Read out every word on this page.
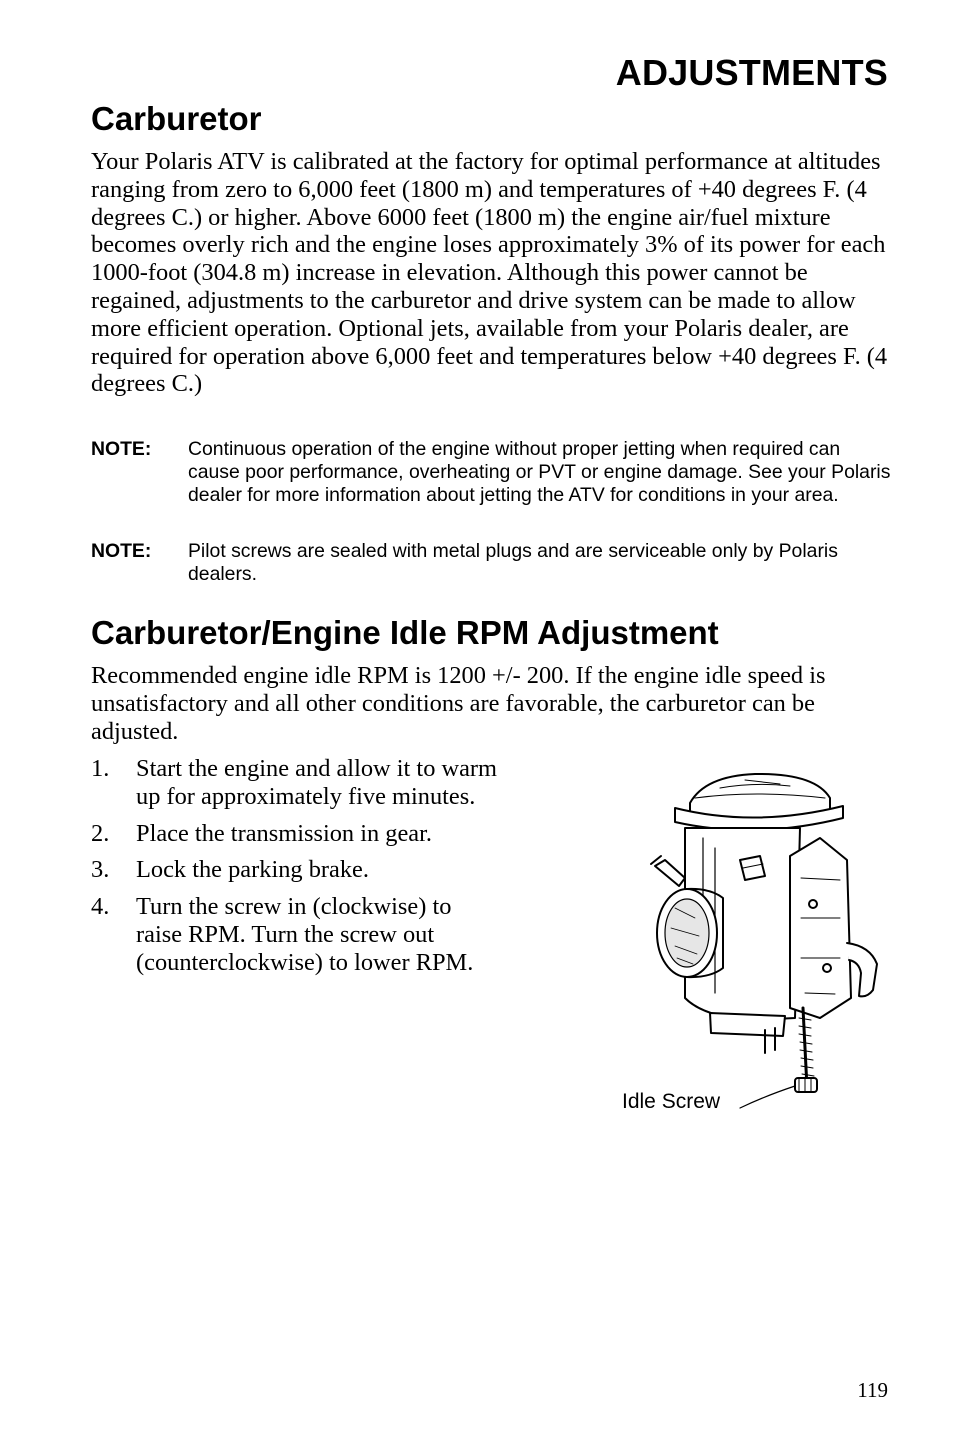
ADJUSTMENTS
Carburetor

Your Polaris ATV is calibrated at the factory for optimal performance at altitudes ranging from zero to 6,000 feet (1800 m) and temperatures of +40 degrees F. (4 degrees C.) or higher. Above 6000 feet (1800 m) the engine air/fuel mixture becomes overly rich and the engine loses approximately 3% of its power for each 1000-foot (304.8 m) increase in elevation. Although this power cannot be regained, adjustments to the carburetor and drive system can be made to allow more efficient operation. Optional jets, available from your Polaris dealer, are required for operation above 6,000 feet and temperatures below +40 degrees F. (4 degrees C.)

NOTE:	Continuous operation of the engine without proper jetting when required can cause poor performance, overheating or PVT or engine damage. See your Polaris dealer for more information about jetting the ATV for conditions in your area.
NOTE:	Pilot screws are sealed with metal plugs and are serviceable only by Polaris dealers.
Carburetor/Engine Idle RPM Adjustment

Recommended engine idle RPM is 1200 +/- 200. If the engine idle speed is unsatisfactory and all other conditions are favorable, the carburetor can be adjusted.

1.	Start the engine and allow it to warm up for approximately five minutes.
2.	Place the transmission in gear.
3.	Lock the parking brake.
4.	Turn the screw in (clockwise) to raise RPM. Turn the screw out (counterclockwise) to lower RPM.
Idle Screw
119
